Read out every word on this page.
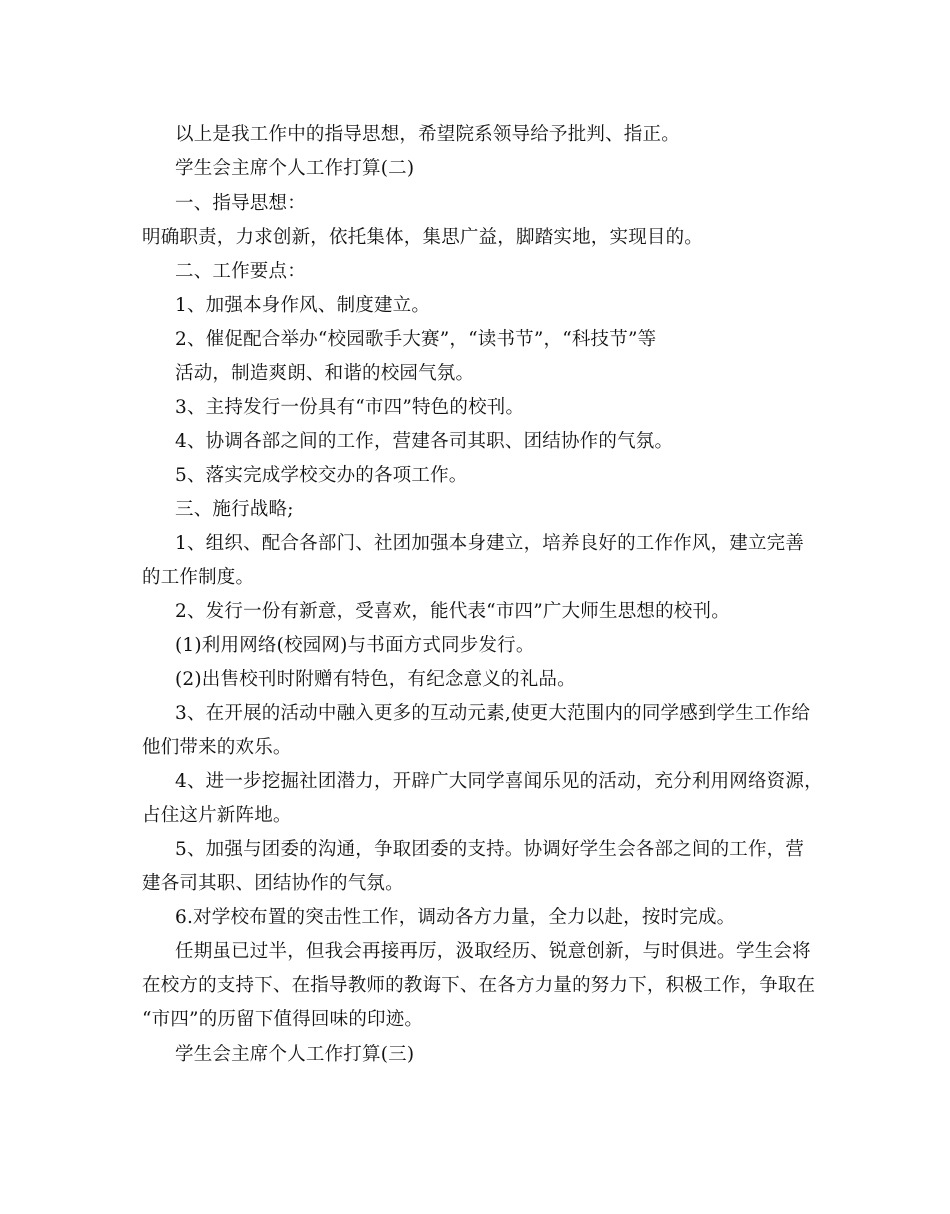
以上是我工作中的指导思想，希望院系领导给予批判、指正。
学生会主席个人工作打算(二)
一、指导思想：
明确职责，力求创新，依托集体，集思广益，脚踏实地，实现目的。
二、工作要点：
1、加强本身作风、制度建立。
2、催促配合举办“校园歌手大赛”，“读书节”，“科技节”等
活动，制造爽朗、和谐的校园气氛。
3、主持发行一份具有“市四”特色的校刊。
4、协调各部之间的工作，营建各司其职、团结协作的气氛。
5、落实完成学校交办的各项工作。
三、施行战略;
1、组织、配合各部门、社团加强本身建立，培养良好的工作作风，建立完善
的工作制度。
2、发行一份有新意，受喜欢，能代表“市四”广大师生思想的校刊。
(1)利用网络(校园网)与书面方式同步发行。
(2)出售校刊时附赠有特色，有纪念意义的礼品。
3、在开展的活动中融入更多的互动元素,使更大范围内的同学感到学生工作给
他们带来的欢乐。
4、进一步挖掘社团潜力，开辟广大同学喜闻乐见的活动，充分利用网络资源，
占住这片新阵地。
5、加强与团委的沟通，争取团委的支持。协调好学生会各部之间的工作，营
建各司其职、团结协作的气氛。
6.对学校布置的突击性工作，调动各方力量，全力以赴，按时完成。
任期虽已过半，但我会再接再厉，汲取经历、锐意创新，与时俱进。学生会将
在校方的支持下、在指导教师的教诲下、在各方力量的努力下，积极工作，争取在
“市四”的历留下值得回味的印迹。
学生会主席个人工作打算(三)
